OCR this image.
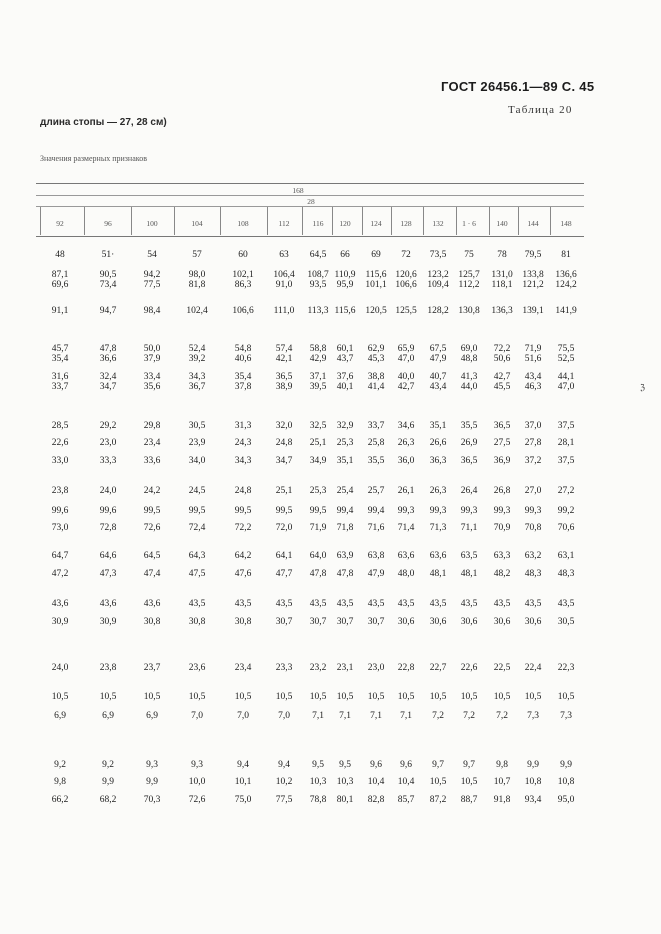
ГОСТ 26456.1—89 С. 45
Таблица 20
длина стопы — 27, 28 см)
Значения размерных признаков
ℨ
168
28
92	96	100	104	108	112	116 120	124	128	132 1 · 6	140	144	148
48	51·	54	57	60	63 64,5 66 69 72 73,5 75 78 79,5 81
87,1	90,5	94,2	98,0	102,1 106,4 108,7 110,9 115,6 120,6 123,2 125,7 131,0 133,8 136,6
69,6	73,4	77,5	81,8	86,3	91,0 93,5 95,9 101,1 106,6 109,4 112,2 118,1 121,2 124,2
91,1	94,7	98,4	102,4	106,6 111,0 113,3 115,6 120,5 125,5 128,2 130,8 136,3 139,1 141,9
45,7	47,8	50,0	52,4	54,8	57,4 58,8 60,1 62,9 65,9 67,5 69,0 72,2 71,9 75,5
35,4	36,6	37,9	39,2	40,6	42,1 42,9 43,7 45,3 47,0 47,9 48,8 50,6 51,6 52,5
31,6	32,4	33,4	34,3	35,4	36,5 37,1 37,6 38,8 40,0 40,7 41,3 42,7 43,4 44,1
33,7	34,7	35,6	36,7	37,8	38,9 39,5 40,1 41,4 42,7 43,4 44,0 45,5 46,3 47,0
28,5	29,2	29,8	30,5	31,3	32,0 32,5 32,9 33,7 34,6 35,1 35,5 36,5 37,0 37,5
22,6	23,0	23,4	23,9	24,3	24,8 25,1 25,3 25,8 26,3 26,6 26,9 27,5 27,8 28,1
33,0	33,3	33,6	34,0	34,3	34,7 34,9 35,1 35,5 36,0 36,3 36,5 36,9 37,2 37,5
23,8	24,0	24,2	24,5	24,8	25,1 25,3 25,4 25,7 26,1 26,3 26,4 26,8 27,0 27,2
99,6	99,6	99,5	99,5	99,5	99,5 99,5 99,4 99,4 99,3 99,3 99,3 99,3 99,3 99,2
73,0	72,8	72,6	72,4	72,2	72,0 71,9 71,8 71,6 71,4 71,3 71,1 70,9 70,8 70,6
64,7	64,6	64,5	64,3	64,2	64,1 64,0 63,9 63,8 63,6 63,6 63,5 63,3 63,2 63,1
47,2	47,3	47,4	47,5	47,6	47,7 47,8 47,8 47,9 48,0 48,1 48,1 48,2 48,3 48,3
43,6	43,6	43,6	43,5	43,5	43,5 43,5 43,5 43,5 43,5 43,5 43,5 43,5 43,5 43,5
30,9	30,9	30,8	30,8	30,8	30,7 30,7 30,7 30,7 30,6 30,6 30,6 30,6 30,6 30,5
24,0	23,8	23,7	23,6	23,4	23,3 23,2 23,1 23,0 22,8 22,7 22,6 22,5 22,4 22,3
10,5	10,5	10,5	10,5	10,5	10,5 10,5 10,5 10,5 10,5 10,5 10,5 10,5 10,5 10,5
6,9	6,9	6,9	7,0	7,0	7,0 7,1 7,1 7,1 7,1 7,2 7,2 7,2 7,3 7,3
9,2	9,2	9,3	9,3	9,4	9,4 9,5 9,5 9,6 9,6 9,7 9,7 9,8 9,9 9,9
9,8	9,9	9,9	10,0	10,1	10,2 10,3 10,3 10,4 10,4 10,5 10,5 10,7 10,8 10,8
66,2	68,2	70,3	72,6	75,0	77,5 78,8 80,1 82,8 85,7 87,2 88,7 91,8 93,4 95,0
